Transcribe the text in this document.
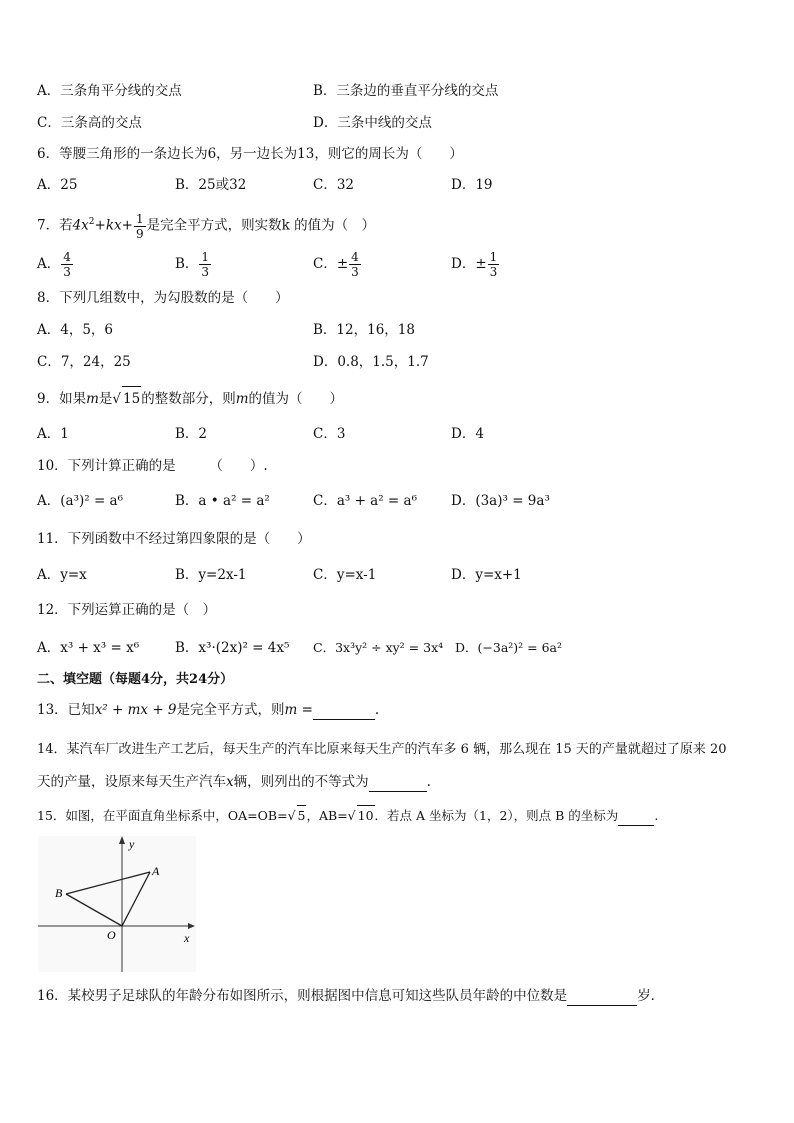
A．三条角平分线的交点	B．三条边的垂直平分线的交点
C．三条高的交点	D．三条中线的交点
6．等腰三角形的一条边长为6，另一边长为13，则它的周长为（　　）
A．25	B．25或32	C．32	D．19
7．若$4x^2+kx+ \frac{1}{9}$ 是完全平方式，则实数k 的值为（　）
A． $\frac{4}{3}$	B． $\frac{1}{3}$	C．± $\frac{4}{3}$	D．± $\frac{1}{3}$
8．下列几组数中，为勾股数的是（　　）
A．4，5，6	B．12，16，18
C．7，24，25	D．0.8，1.5，1.7
9．如果m是√ 15的整数部分，则m的值为（　　）
A．1	B．2	C．3	D．4
10．下列计算正确的是　　　（　　）.
A．(a³)² = a⁶	B．a • a² = a²	C．a³ + a² = a⁶	D．(3a)³ = 9a³
11．下列函数中不经过第四象限的是（　　）
A．y=x	B．y=2x-1	C．y=x-1	D．y=x+1
12．下列运算正确的是（　）
A．x³ + x³ = x⁶	B．x³·(2x)² = 4x⁵ C．3x³y² ÷ xy² = 3x⁴ D．(−3a²)² = 6a²
二、填空题（每题4分，共24分）
13．已知x² + mx + 9是完全平方式，则m =	.
14．某汽车厂改进生产工艺后，每天生产的汽车比原来每天生产的汽车多 6 辆，那么现在 15 天的产量就超过了原来 20
天的产量，设原来每天生产汽车x辆，则列出的不等式为	.
15．如图，在平面直角坐标系中，OA=OB=√ 5，AB=√ 10．若点 A 坐标为（1，2），则点 B 的坐标为	.
y
x
O
A
B
16．某校男子足球队的年龄分布如图所示，则根据图中信息可知这些队员年龄的中位数是	岁．
